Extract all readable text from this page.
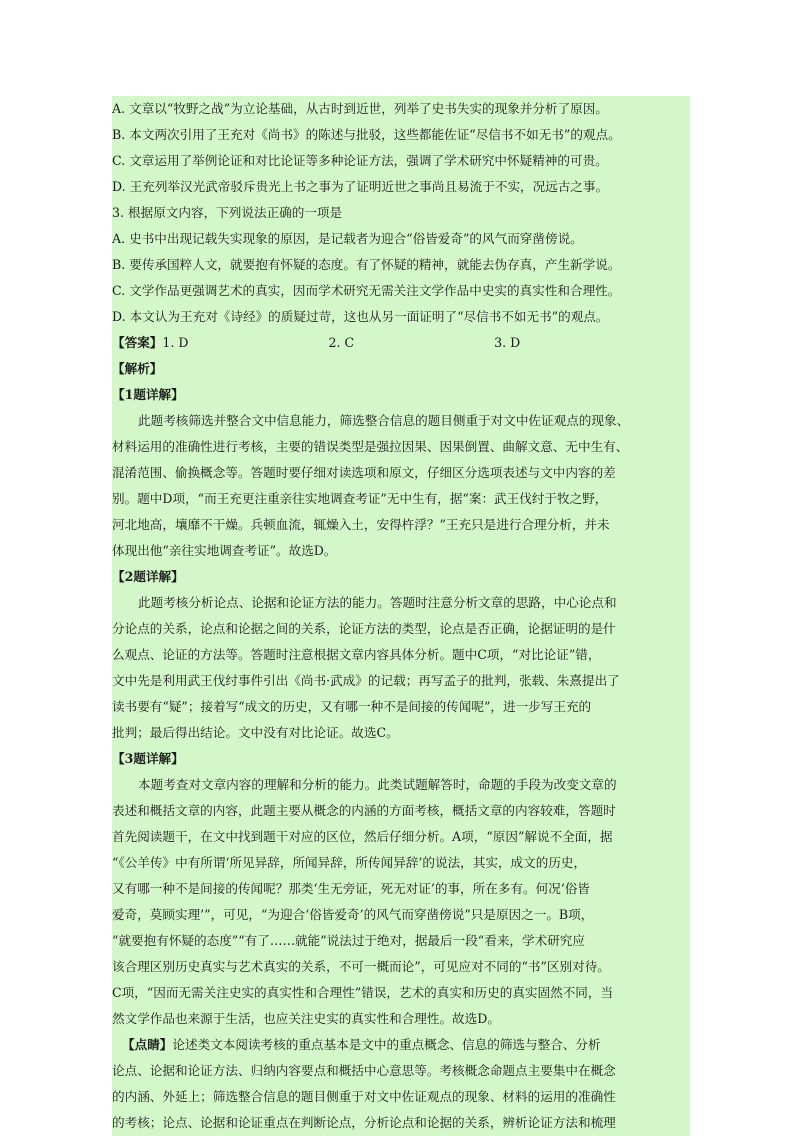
A. 文章以“牧野之战”为立论基础，从古时到近世，列举了史书失实的现象并分析了原因。
B. 本文两次引用了王充对《尚书》的陈述与批驳，这些都能佐证“尽信书不如无书”的观点。
C. 文章运用了举例论证和对比论证等多种论证方法，强调了学术研究中怀疑精神的可贵。
D. 王充列举汉光武帝驳斥贵光上书之事为了证明近世之事尚且易流于不实，况远古之事。
3. 根据原文内容，下列说法正确的一项是
A. 史书中出现记载失实现象的原因，是记载者为迎合“俗皆爱奇”的风气而穿凿傍说。
B. 要传承国粹人文，就要抱有怀疑的态度。有了怀疑的精神，就能去伪存真，产生新学说。
C. 文学作品更强调艺术的真实，因而学术研究无需关注文学作品中史实的真实性和合理性。
D. 本文认为王充对《诗经》的质疑过苛，这也从另一面证明了“尽信书不如无书”的观点。
【答案】1. D	2. C	3. D
【解析】
【1题详解】
此题考核筛选并整合文中信息能力，筛选整合信息的题目侧重于对文中佐证观点的现象、
材料运用的准确性进行考核，主要的错误类型是强拉因果、因果倒置、曲解文意、无中生有、
混淆范围、偷换概念等。答题时要仔细对读选项和原文，仔细区分选项表述与文中内容的差
别。题中D项，“而王充更注重亲往实地调查考证”无中生有，据“案：武王伐纣于牧之野，
河北地高，壤靡不干燥。兵顿血流，辄燥入土，安得杵浮？”王充只是进行合理分析，并未
体现出他“亲往实地调查考证”。故选D。
【2题详解】
此题考核分析论点、论据和论证方法的能力。答题时注意分析文章的思路，中心论点和
分论点的关系，论点和论据之间的关系，论证方法的类型，论点是否正确，论据证明的是什
么观点、论证的方法等。答题时注意根据文章内容具体分析。题中C项，“对比论证”错，
文中先是利用武王伐纣事件引出《尚书·武成》的记载；再写孟子的批判，张载、朱熹提出了
读书要有“疑”；接着写“成文的历史，又有哪一种不是间接的传闻呢”，进一步写王充的
批判；最后得出结论。文中没有对比论证。故选C。
【3题详解】
本题考查对文章内容的理解和分析的能力。此类试题解答时，命题的手段为改变文章的
表述和概括文章的内容，此题主要从概念的内涵的方面考核，概括文章的内容较难，答题时
首先阅读题干，在文中找到题干对应的区位，然后仔细分析。A项，“原因”解说不全面，据
“《公羊传》中有所谓‘所见异辞，所闻异辞，所传闻异辞’的说法，其实，成文的历史，
又有哪一种不是间接的传闻呢？那类‘生无旁证，死无对证’的事，所在多有。何况‘俗皆
爱奇，莫顾实理’”，可见，“为迎合‘俗皆爱奇’的风气而穿凿傍说”只是原因之一。B项，
“就要抱有怀疑的态度”“有了……就能”说法过于绝对，据最后一段“看来，学术研究应
该合理区别历史真实与艺术真实的关系，不可一概而论”，可见应对不同的“书”区别对待。
C项，“因而无需关注史实的真实性和合理性”错误，艺术的真实和历史的真实固然不同，当
然文学作品也来源于生活，也应关注史实的真实性和合理性。故选D。
【点睛】论述类文本阅读考核的重点基本是文中的重点概念、信息的筛选与整合、分析
论点、论据和论证方法、归纳内容要点和概括中心意思等。考核概念命题点主要集中在概念
的内涵、外延上；筛选整合信息的题目侧重于对文中佐证观点的现象、材料的运用的准确性
的考核；论点、论据和论证重点在判断论点，分析论点和论据的关系，辨析论证方法和梳理
